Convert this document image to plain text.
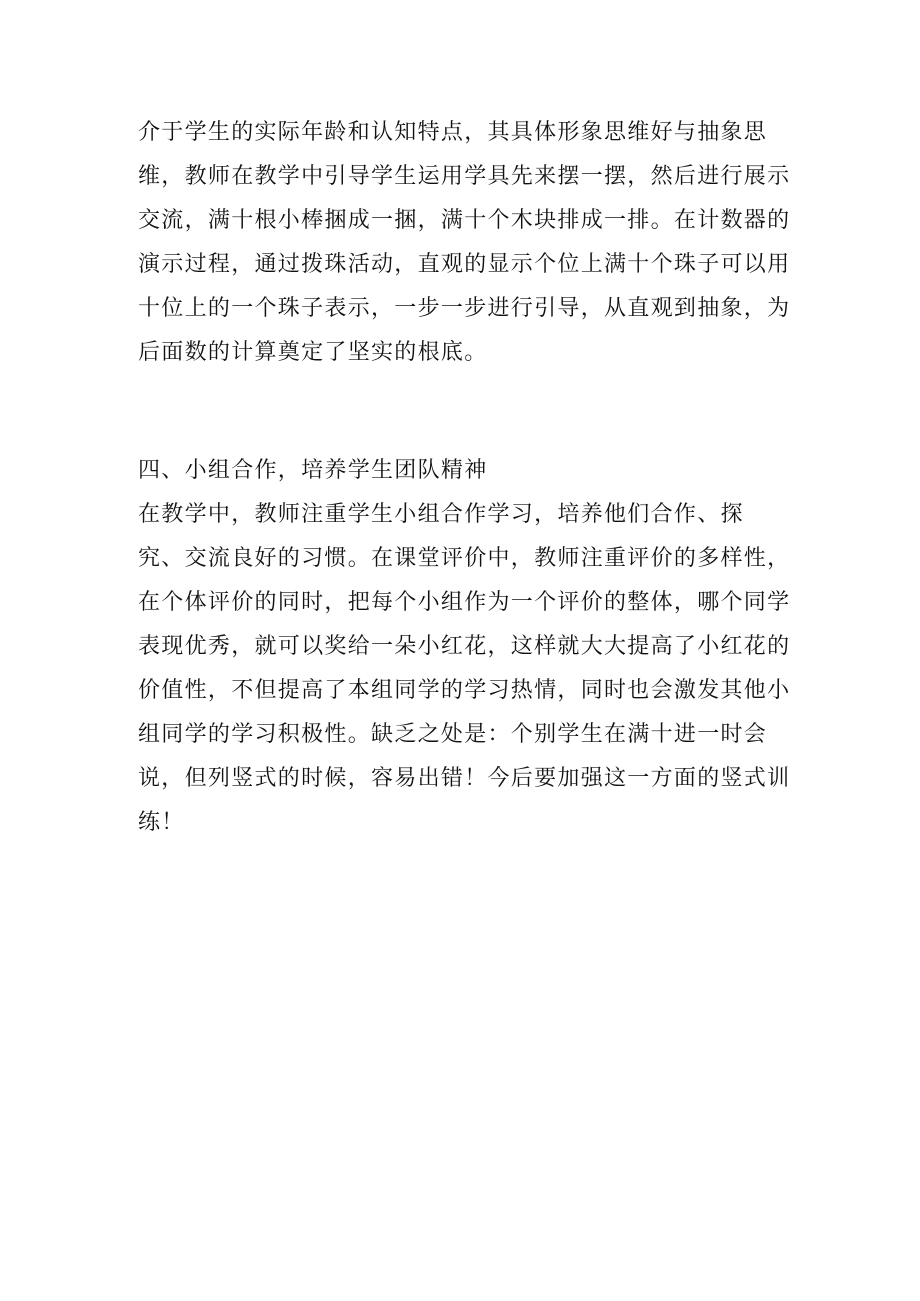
介于学生的实际年龄和认知特点，其具体形象思维好与抽象思
维，教师在教学中引导学生运用学具先来摆一摆，然后进行展示
交流，满十根小棒捆成一捆，满十个木块排成一排。在计数器的
演示过程，通过拨珠活动，直观的显示个位上满十个珠子可以用
十位上的一个珠子表示，一步一步进行引导，从直观到抽象，为
后面数的计算奠定了坚实的根底。
四、小组合作，培养学生团队精神
在教学中，教师注重学生小组合作学习，培养他们合作、探
究、交流良好的习惯。在课堂评价中，教师注重评价的多样性，
在个体评价的同时，把每个小组作为一个评价的整体，哪个同学
表现优秀，就可以奖给一朵小红花，这样就大大提高了小红花的
价值性，不但提高了本组同学的学习热情，同时也会激发其他小
组同学的学习积极性。缺乏之处是：个别学生在满十进一时会
说，但列竖式的时候，容易出错！今后要加强这一方面的竖式训
练！
